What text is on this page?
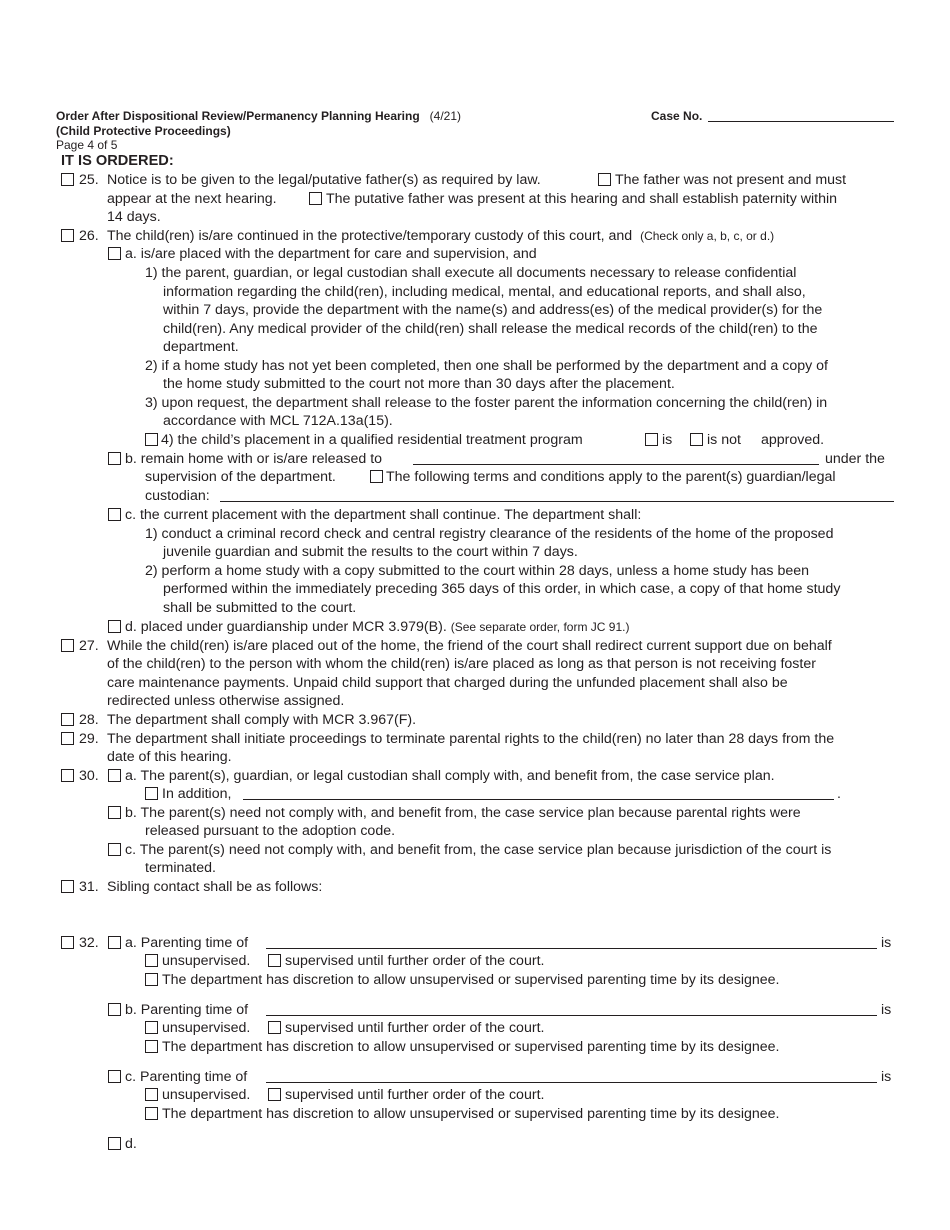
Order After Dispositional Review/Permanency Planning Hearing (4/21)
(Child Protective Proceedings)
Page 4 of 5
Case No.
IT IS ORDERED:
25. Notice is to be given to the legal/putative father(s) as required by law.	The father was not present and must
appear at the next hearing.	The putative father was present at this hearing and shall establish paternity within
14 days.
26. The child(ren) is/are continued in the protective/temporary custody of this court, and (Check only a, b, c, or d.)
a. is/are placed with the department for care and supervision, and
1) the parent, guardian, or legal custodian shall execute all documents necessary to release confidential
information regarding the child(ren), including medical, mental, and educational reports, and shall also,
within 7 days, provide the department with the name(s) and address(es) of the medical provider(s) for the
child(ren). Any medical provider of the child(ren) shall release the medical records of the child(ren) to the
department.
2) if a home study has not yet been completed, then one shall be performed by the department and a copy of
the home study submitted to the court not more than 30 days after the placement.
3) upon request, the department shall release to the foster parent the information concerning the child(ren) in
accordance with MCL 712A.13a(15).
4) the child’s placement in a qualified residential treatment program	is is not approved.
b. remain home with or is/are released to	under the
supervision of the department.	The following terms and conditions apply to the parent(s) guardian/legal
custodian:
c. the current placement with the department shall continue. The department shall:
1) conduct a criminal record check and central registry clearance of the residents of the home of the proposed
juvenile guardian and submit the results to the court within 7 days.
2) perform a home study with a copy submitted to the court within 28 days, unless a home study has been
performed within the immediately preceding 365 days of this order, in which case, a copy of that home study
shall be submitted to the court.
d. placed under guardianship under MCR 3.979(B). (See separate order, form JC 91.)
27. While the child(ren) is/are placed out of the home, the friend of the court shall redirect current support due on behalf
of the child(ren) to the person with whom the child(ren) is/are placed as long as that person is not receiving foster
care maintenance payments. Unpaid child support that charged during the unfunded placement shall also be
redirected unless otherwise assigned.
28. The department shall comply with MCR 3.967(F).
29. The department shall initiate proceedings to terminate parental rights to the child(ren) no later than 28 days from the
date of this hearing.
30. a. The parent(s), guardian, or legal custodian shall comply with, and benefit from, the case service plan.
In addition,	.
b. The parent(s) need not comply with, and benefit from, the case service plan because parental rights were
released pursuant to the adoption code.
c. The parent(s) need not comply with, and benefit from, the case service plan because jurisdiction of the court is
terminated.
31. Sibling contact shall be as follows:
32. a. Parenting time of	is
unsupervised. supervised until further order of the court.
The department has discretion to allow unsupervised or supervised parenting time by its designee.
b. Parenting time of	is
unsupervised. supervised until further order of the court.
The department has discretion to allow unsupervised or supervised parenting time by its designee.
c. Parenting time of	is
unsupervised. supervised until further order of the court.
The department has discretion to allow unsupervised or supervised parenting time by its designee.
d.
